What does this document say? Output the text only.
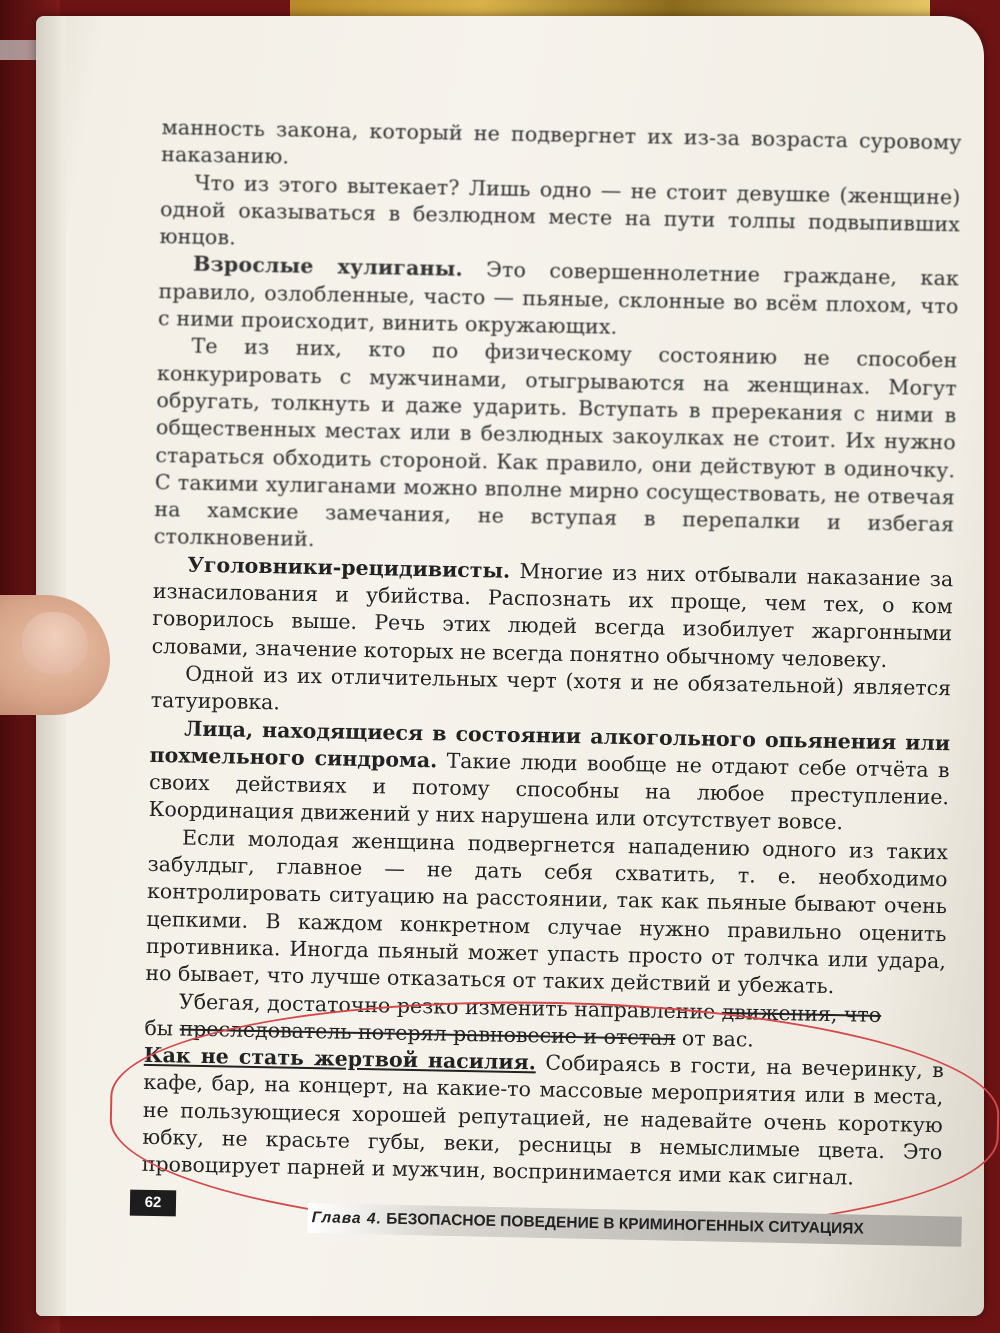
манность закона, который не подвергнет их из-за возраста суровому наказанию.

Что из этого вытекает? Лишь одно — не стоит девушке (женщине) одной оказываться в безлюдном месте на пути толпы подвыпивших юнцов.

Взрослые хулиганы. Это совершеннолетние граждане, как правило, озлобленные, часто — пьяные, склонные во всём плохом, что с ними происходит, винить окружающих.

Те из них, кто по физическому состоянию не способен конкурировать с мужчинами, отыгрываются на женщинах. Могут обругать, толкнуть и даже ударить. Вступать в пререкания с ними в общественных местах или в безлюдных закоулках не стоит. Их нужно стараться обходить стороной. Как правило, они действуют в одиночку. С такими хулиганами можно вполне мирно сосуществовать, не отвечая на хамские замечания, не вступая в перепалки и избегая столкновений.

Уголовники-рецидивисты. Многие из них отбывали наказание за изнасилования и убийства. Распознать их проще, чем тех, о ком говорилось выше. Речь этих людей всегда изобилует жаргонными словами, значение которых не всегда понятно обычному человеку.

Одной из их отличительных черт (хотя и не обязательной) является татуировка.

Лица, находящиеся в состоянии алкогольного опьянения или похмельного синдрома. Такие люди вообще не отдают себе отчёта в своих действиях и потому способны на любое преступление. Координация движений у них нарушена или отсутствует вовсе.

Если молодая женщина подвергнется нападению одного из таких забулдыг, главное — не дать себя схватить, т. е. необходимо контролировать ситуацию на расстоянии, так как пьяные бывают очень цепкими. В каждом конкретном случае нужно правильно оценить противника. Иногда пьяный может упасть просто от толчка или удара, но бывает, что лучше отказаться от таких действий и убежать.

Убегая, достаточно резко изменить направление движения, что
бы преследователь потерял равновесие и отстал от вас.

Как не стать жертвой насилия. Собираясь в гости, на вечеринку, в кафе, бар, на концерт, на какие-то массовые мероприятия или в места, не пользующиеся хорошей репутацией, не надевайте очень короткую юбку, не красьте губы, веки, ресницы в немыслимые цвета. Это провоцирует парней и мужчин, воспринимается ими как сигнал.

62
Глава 4. БЕЗОПАСНОЕ ПОВЕДЕНИЕ В КРИМИНОГЕННЫХ СИТУАЦИЯХ
